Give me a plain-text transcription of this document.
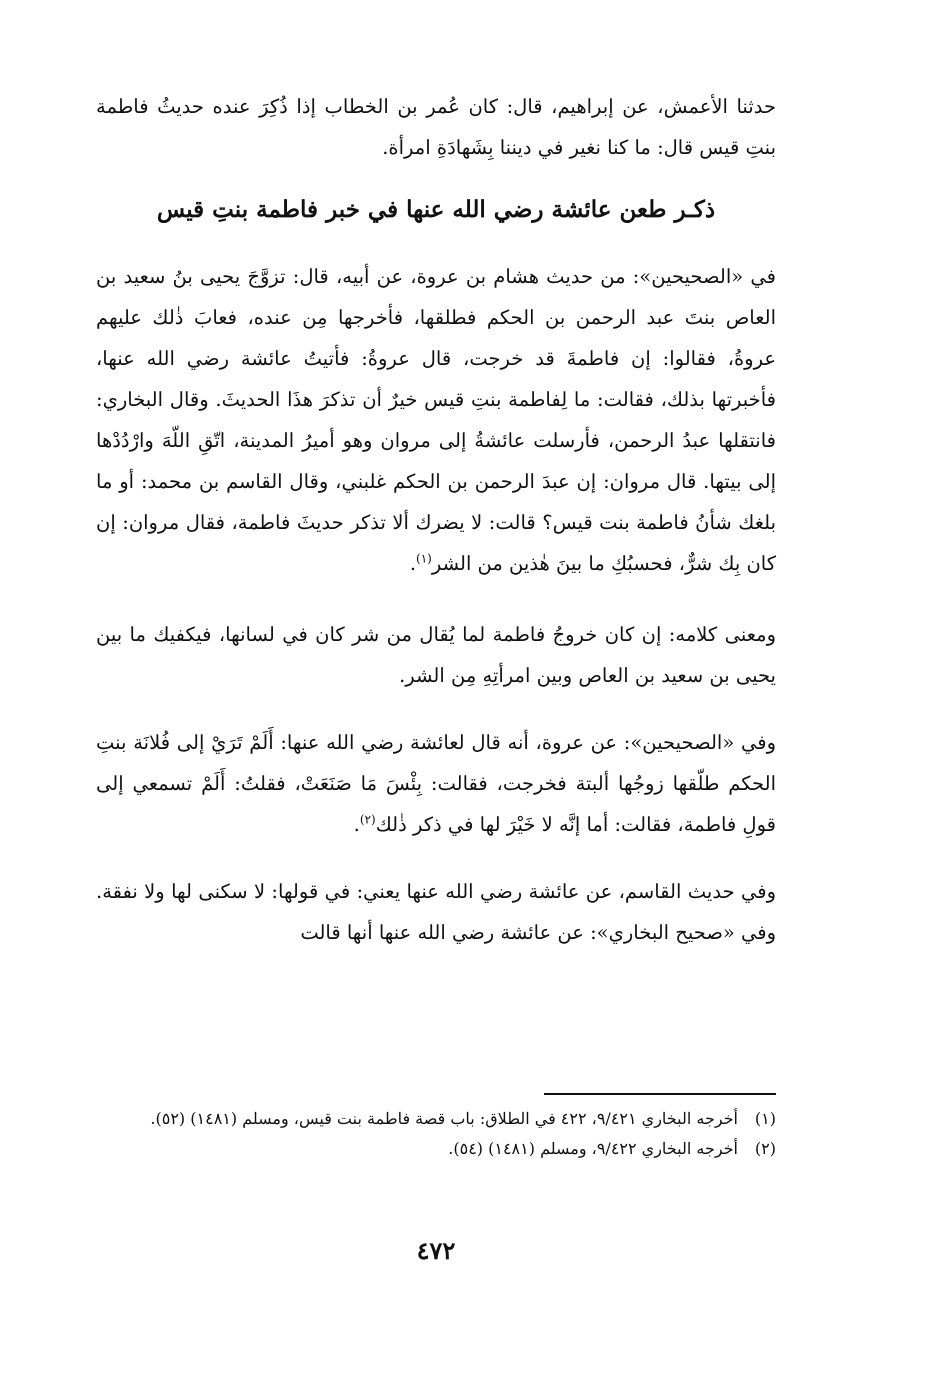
حدثنا الأعمش، عن إبراهيم، قال: كان عُمر بن الخطاب إذا ذُكِرَ عنده حديثُ فاطمة بنتِ قيس قال: ما كنا نغير في ديننا بِشَهادَةِ امرأة.

ذكـر طعن عائشة رضي الله عنها في خبر فاطمة بنتِ قيس

في «الصحيحين»: من حديث هشام بن عروة، عن أبيه، قال: تزوَّجَ يحيى بنُ سعيد بن العاص بنتَ عبد الرحمن بن الحكم فطلقها، فأخرجها مِن عنده، فعابَ ذٰلك عليهم عروةُ، فقالوا: إن فاطمةَ قد خرجت، قال عروةُ: فأتيتُ عائشة رضي الله عنها، فأخبرتها بذلك، فقالت: ما لِفاطمة بنتِ قيس خيرٌ أن تذكرَ هذَا الحديثَ. وقال البخاري: فانتقلها عبدُ الرحمن، فأرسلت عائشةُ إلى مروان وهو أميرُ المدينة، اتّقِ اللّهَ وارْدُدْها إلى بيتها. قال مروان: إن عبدَ الرحمن بن الحكم غلبني، وقال القاسم بن محمد: أو ما بلغك شأنُ فاطمة بنت قيس؟ قالت: لا يضرك ألا تذكر حديثَ فاطمة، فقال مروان: إن كان بِك شرٌّ، فحسبُكِ ما بينَ هٰذين من الشر$^{(١)}$.

ومعنى كلامه: إن كان خروجُ فاطمة لما يُقال من شر كان في لسانها، فيكفيك ما بين يحيى بن سعيد بن العاص وبين امرأتِهِ مِن الشر.

وفي «الصحيحين»: عن عروة، أنه قال لعائشة رضي الله عنها: أَلَمْ تَرَيْ إلى فُلانَة بنتِ الحكم طلّقها زوجُها ألبتة فخرجت، فقالت: بِئْسَ مَا صَنَعَتْ، فقلتُ: أَلَمْ تسمعي إلى قولِ فاطمة، فقالت: أما إنَّه لا خَيْرَ لها في ذكر ذٰلك$^{(٢)}$.

وفي حديث القاسم، عن عائشة رضي الله عنها يعني: في قولها: لا سكنى لها ولا نفقة. وفي «صحيح البخاري»: عن عائشة رضي الله عنها أنها قالت

(١)
أخرجه البخاري ٩/٤٢١، ٤٢٢ في الطلاق: باب قصة فاطمة بنت قيس، ومسلم (١٤٨١) (٥٢).

(٢)
أخرجه البخاري ٩/٤٢٢، ومسلم (١٤٨١) (٥٤).

٤٧٢
